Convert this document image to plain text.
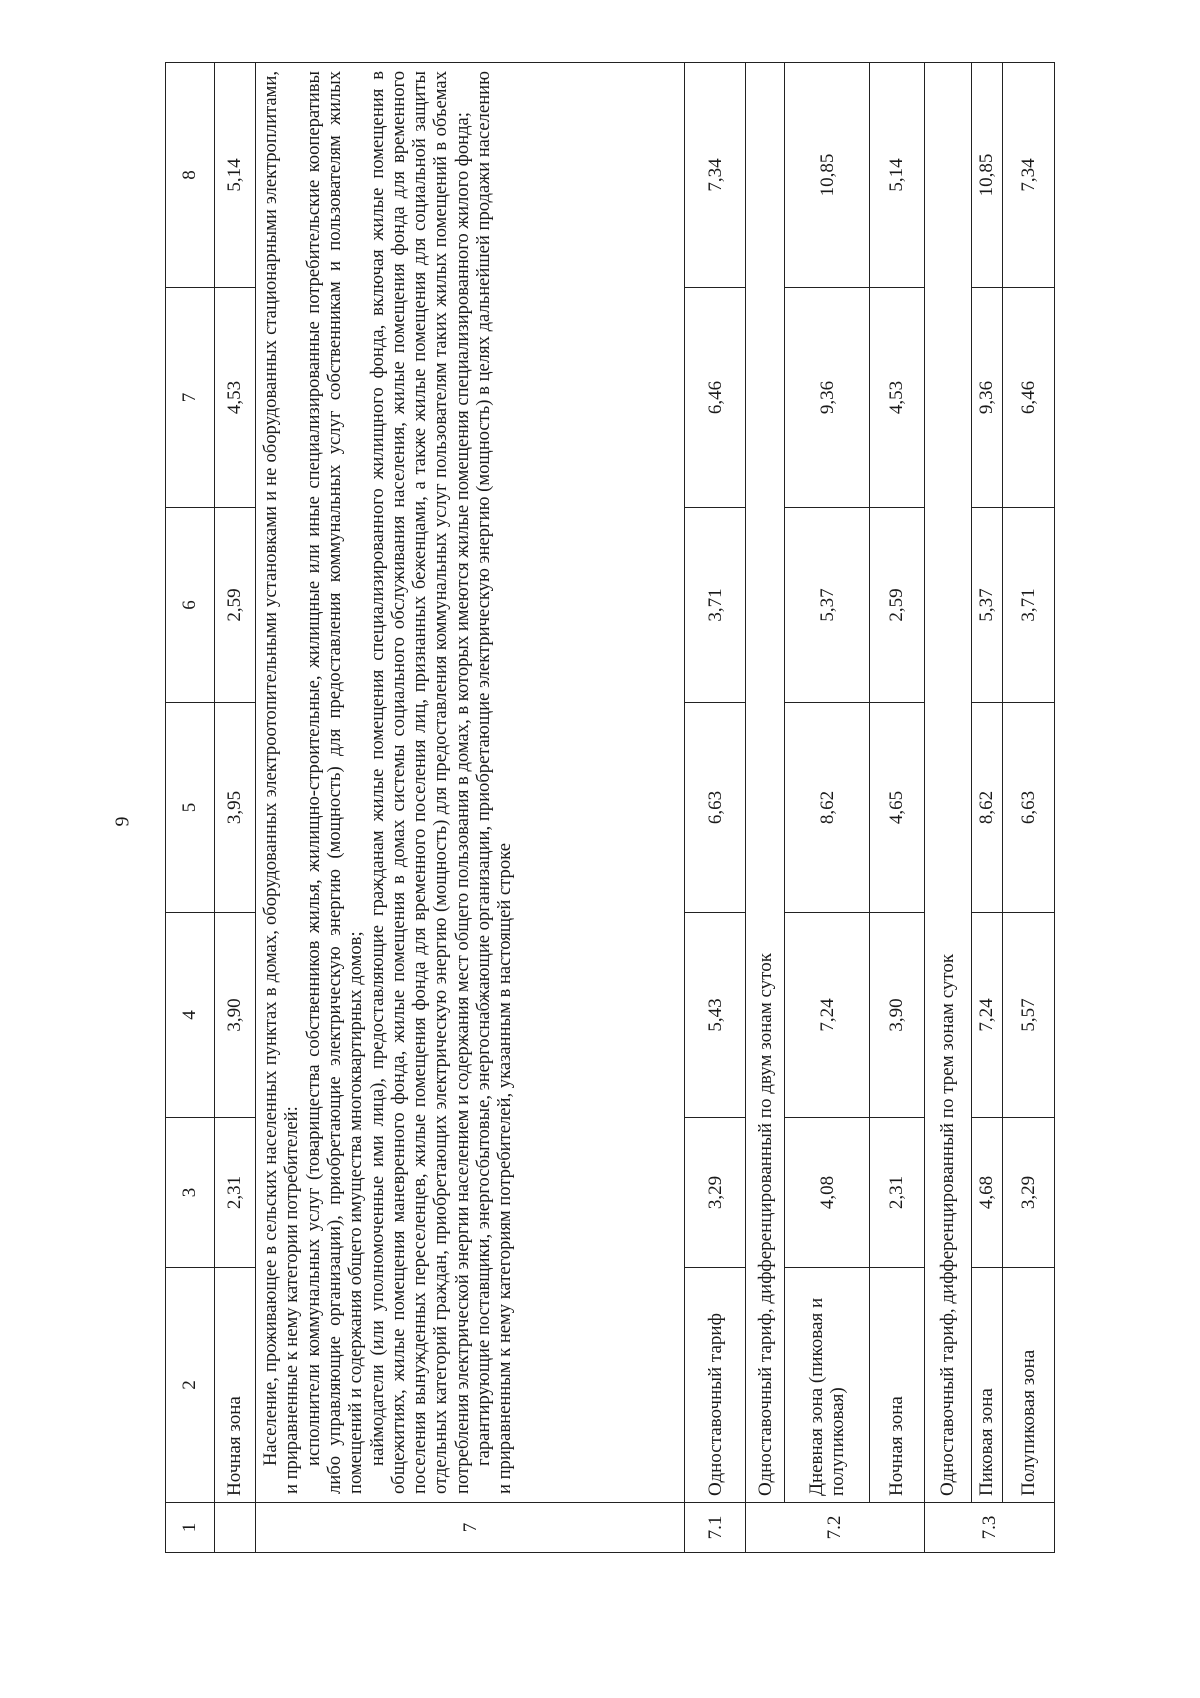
9
1	2	3	4	5	6	7	8
	Ночная зона	2,31	3,90	3,95	2,59	4,53	5,14
7	Население, проживающее в сельских населенных пунктах в домах, оборудованных электроотопительными установками и не оборудованных стационарными электроплитами, и приравненные к нему категории потребителей: исполнители коммунальных услуг (товарищества собственников жилья, жилищно-строительные, жилищные или иные специализированные потребительские кооперативы либо управляющие организации), приобретающие электрическую энергию (мощность) для предоставления коммунальных услуг собственникам и пользователям жилых помещений и содержания общего имущества многоквартирных домов; наймодатели (или уполномоченные ими лица), предоставляющие гражданам жилые помещения специализированного жилищного фонда, включая жилые помещения в общежитиях, жилые помещения маневренного фонда, жилые помещения в домах системы социального обслуживания населения, жилые помещения фонда для временного поселения вынужденных переселенцев, жилые помещения фонда для временного поселения лиц, признанных беженцами, а также жилые помещения для социальной защиты отдельных категорий граждан, приобретающих электрическую энергию (мощность) для предоставления коммунальных услуг пользователям таких жилых помещений в объемах потребления электрической энергии населением и содержания мест общего пользования в домах, в которых имеются жилые помещения специализированного жилого фонда; гарантирующие поставщики, энергосбытовые, энергоснабжающие организации, приобретающие электрическую энергию (мощность) в целях дальнейшей продажи населению и приравненным к нему категориям потребителей, указанным в настоящей строке						

7.1	Одноставочный тариф	3,29	5,43	6,63	3,71	6,46	7,34
7.2	Одноставочный тариф, дифференцированный по двум зонам суток						
	Дневная зона (пиковая и полупиковая)	4,08	7,24	8,62	5,37	9,36	10,85
	Ночная зона	2,31	3,90	4,65	2,59	4,53	5,14
7.3	Одноставочный тариф, дифференцированный по трем зонам суток						
	Пиковая зона	4,68	7,24	8,62	5,37	9,36	10,85
	Полупиковая зона	3,29	5,57	6,63	3,71	6,46	7,34
